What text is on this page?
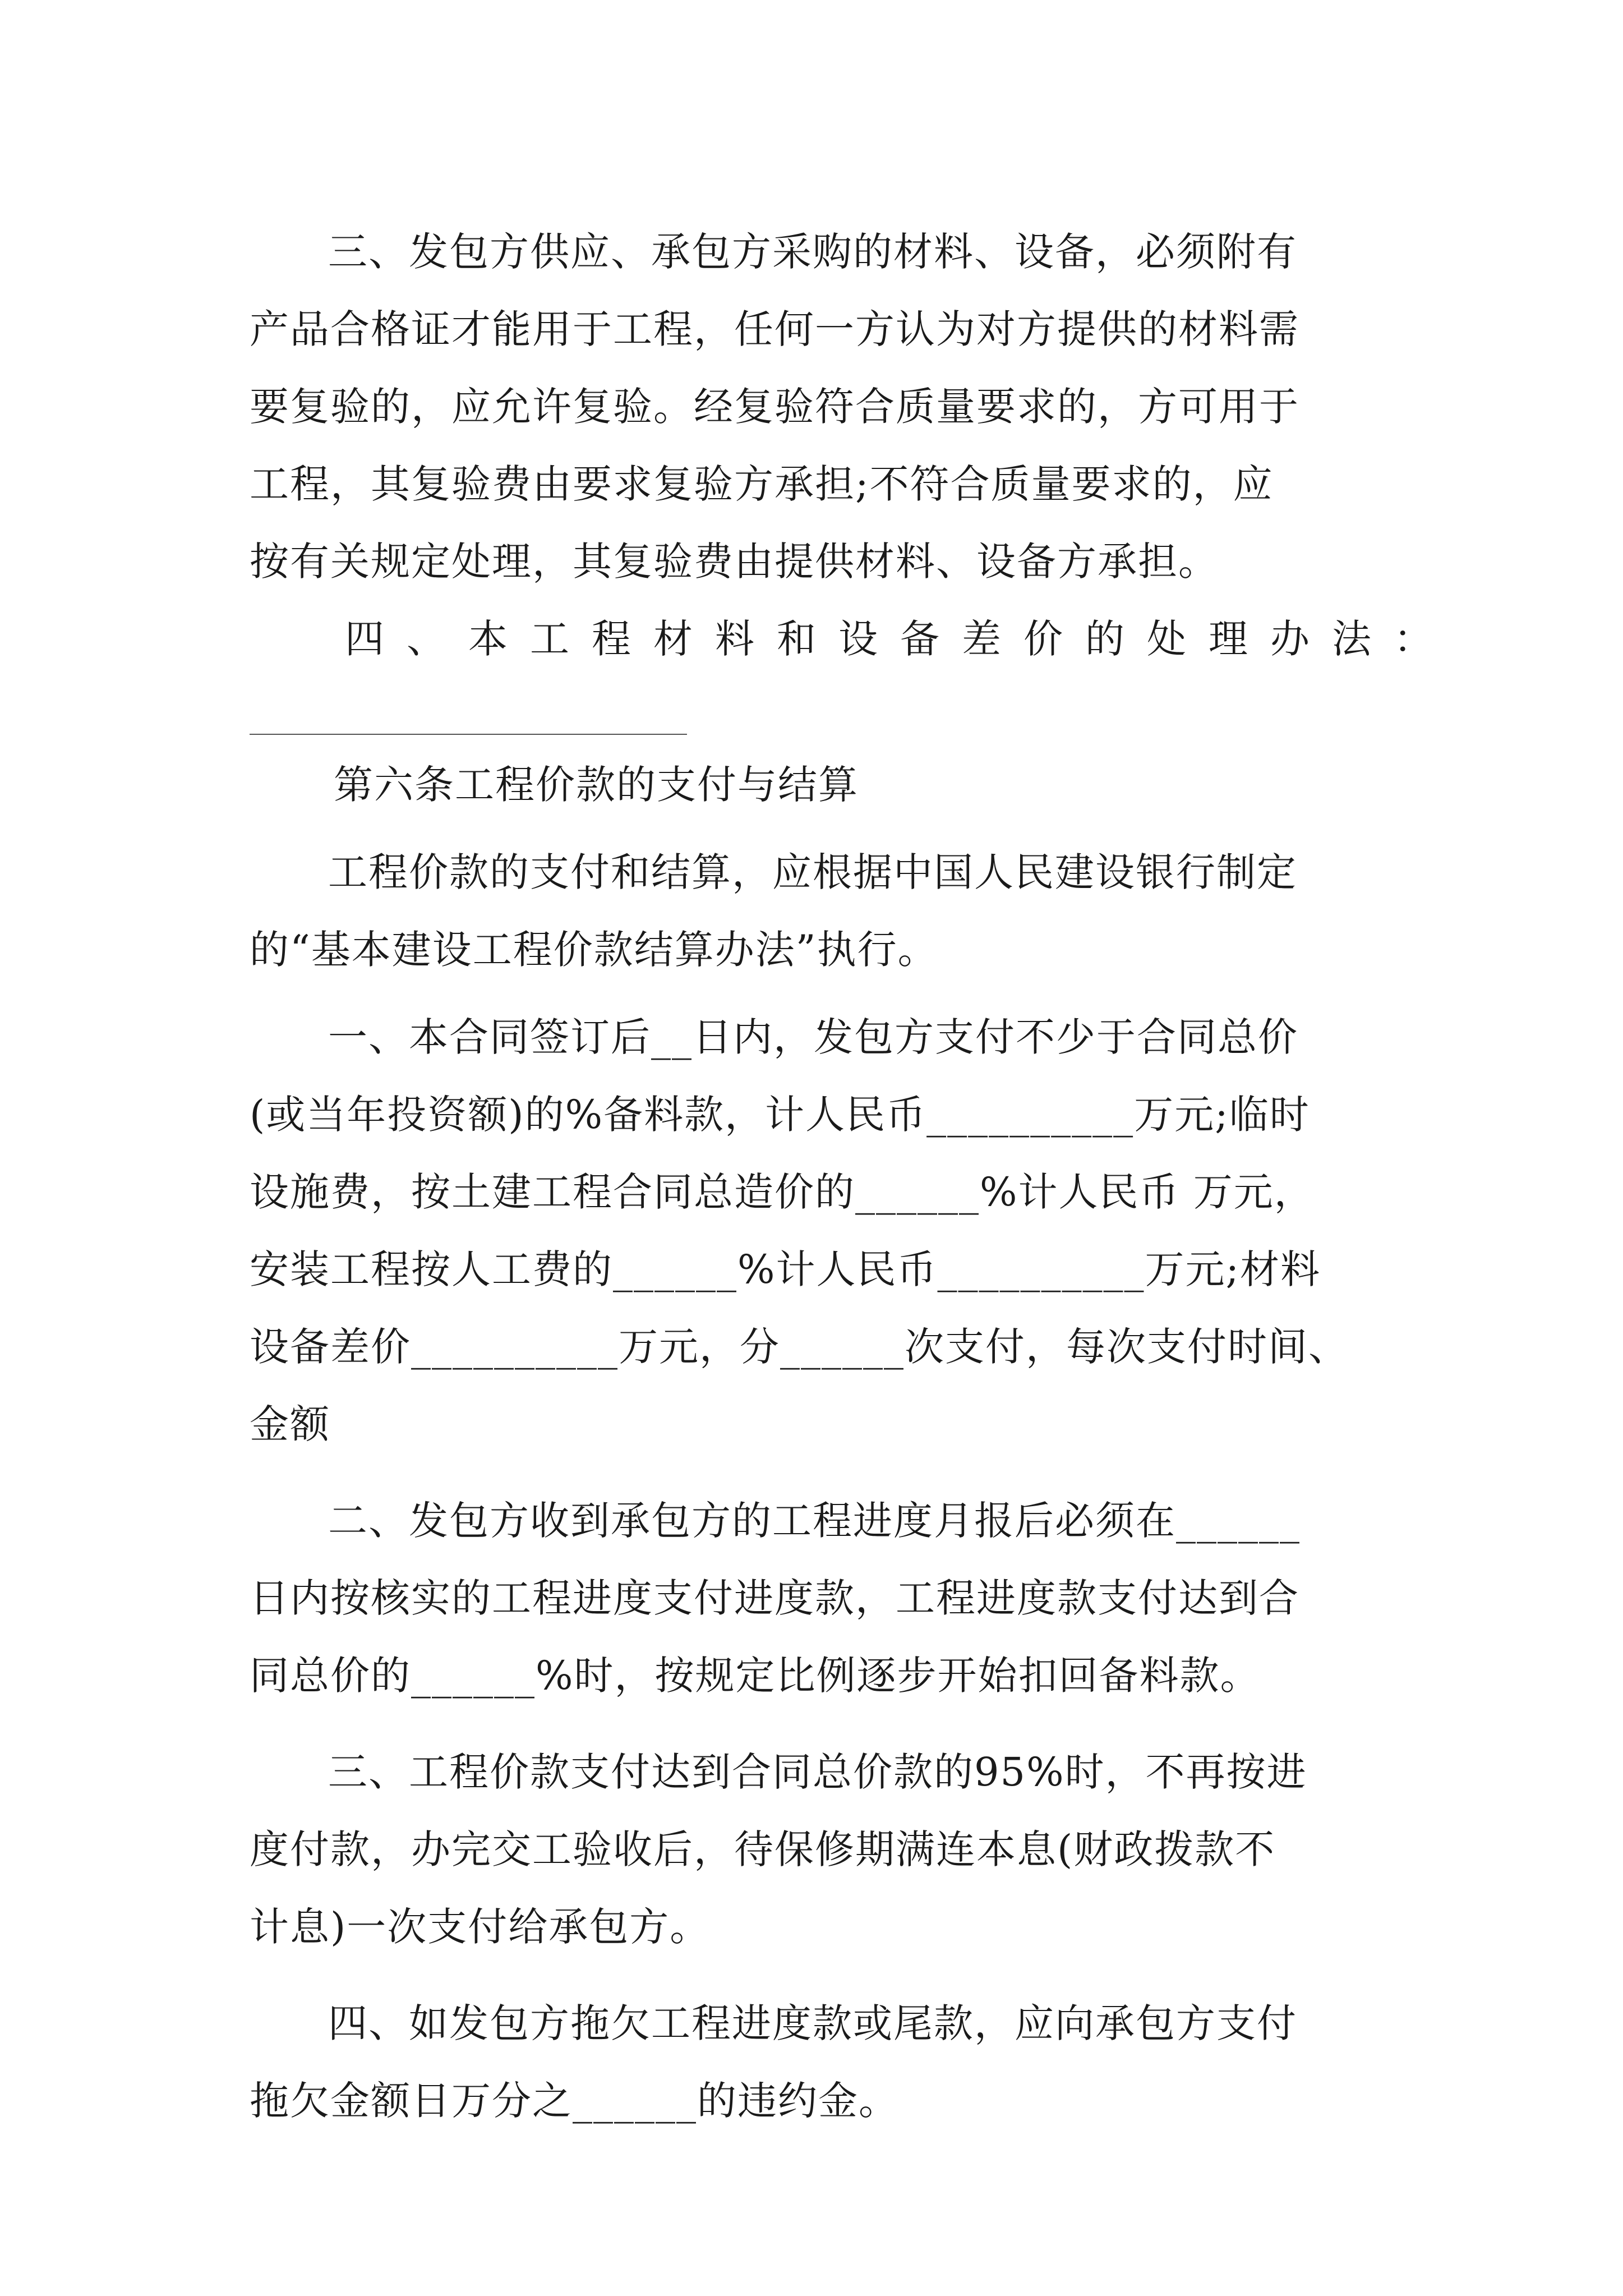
三、发包方供应、承包方采购的材料、设备，必须附有
产品合格证才能用于工程，任何一方认为对方提供的材料需
要复验的，应允许复验。经复验符合质量要求的，方可用于
工程，其复验费由要求复验方承担;不符合质量要求的，应
按有关规定处理，其复验费由提供材料、设备方承担。
四、本工程材料和设备差价的处理办法：
第六条工程价款的支付与结算
工程价款的支付和结算，应根据中国人民建设银行制定
的“基本建设工程价款结算办法”执行。
一、本合同签订后__日内，发包方支付不少于合同总价
(或当年投资额)的%备料款，计人民币__________万元;临时
设施费，按土建工程合同总造价的______%计人民币 万元，
安装工程按人工费的______%计人民币__________万元;材料
设备差价__________万元，分______次支付，每次支付时间、
金额
二、发包方收到承包方的工程进度月报后必须在______
日内按核实的工程进度支付进度款，工程进度款支付达到合
同总价的______%时，按规定比例逐步开始扣回备料款。
三、工程价款支付达到合同总价款的95%时，不再按进
度付款，办完交工验收后，待保修期满连本息(财政拨款不
计息)一次支付给承包方。
四、如发包方拖欠工程进度款或尾款，应向承包方支付
拖欠金额日万分之______的违约金。
